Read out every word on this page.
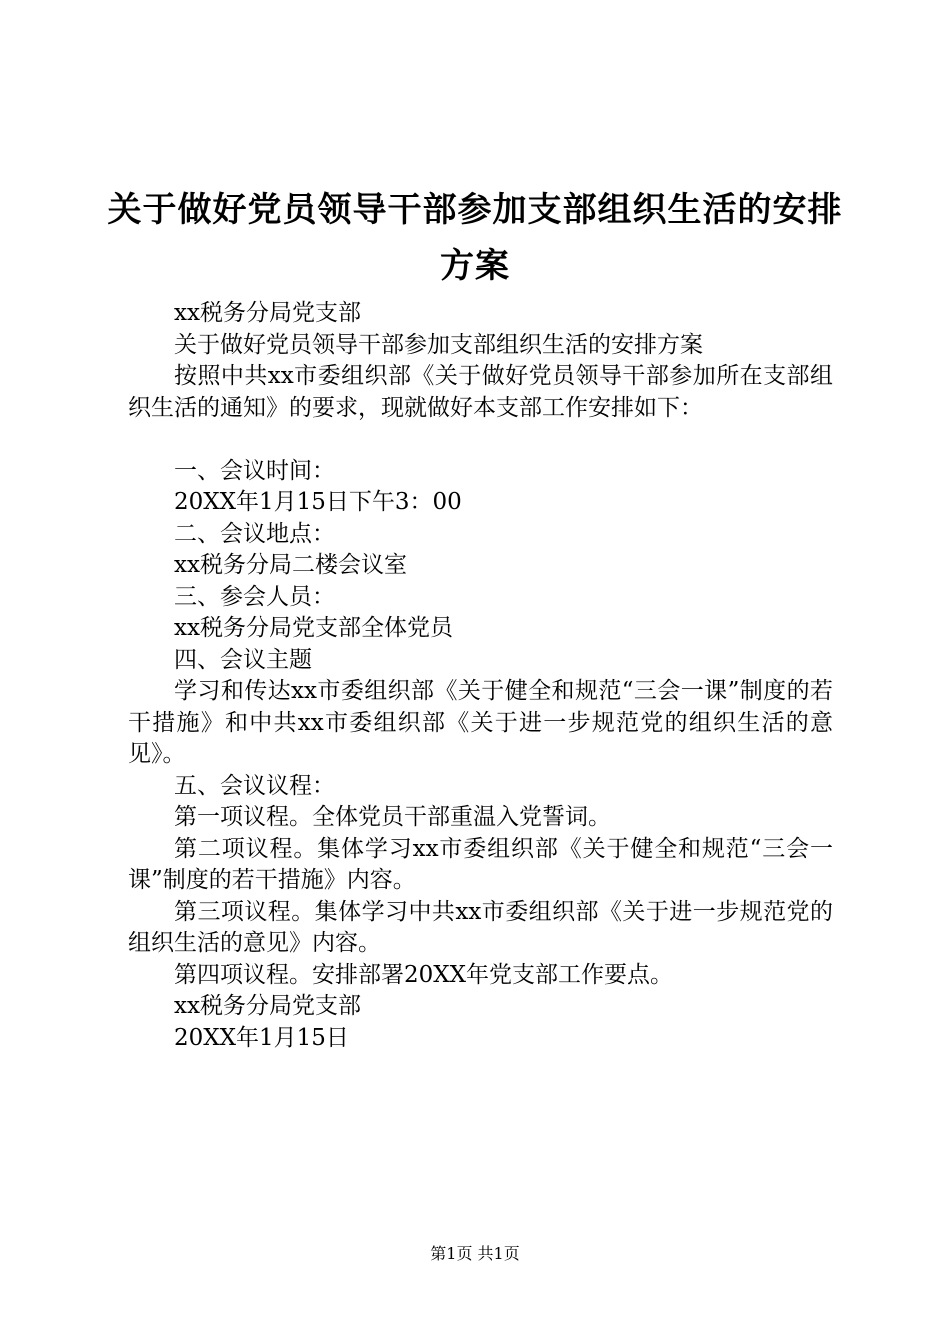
关于做好党员领导干部参加支部组织生活的安排方案

xx税务分局党支部

关于做好党员领导干部参加支部组织生活的安排方案

按照中共xx市委组织部《关于做好党员领导干部参加所在支部组织生活的通知》的要求，现就做好本支部工作安排如下：

一、会议时间：

20XX年1月15日下午3：00

二、会议地点：

xx税务分局二楼会议室

三、参会人员：

xx税务分局党支部全体党员

四、会议主题

学习和传达xx市委组织部《关于健全和规范“三会一课”制度的若干措施》和中共xx市委组织部《关于进一步规范党的组织生活的意见》。

五、会议议程：

第一项议程。全体党员干部重温入党誓词。

第二项议程。集体学习xx市委组织部《关于健全和规范“三会一课”制度的若干措施》内容。

第三项议程。集体学习中共xx市委组织部《关于进一步规范党的组织生活的意见》内容。

第四项议程。安排部署20XX年党支部工作要点。

xx税务分局党支部

20XX年1月15日

第1页 共1页
